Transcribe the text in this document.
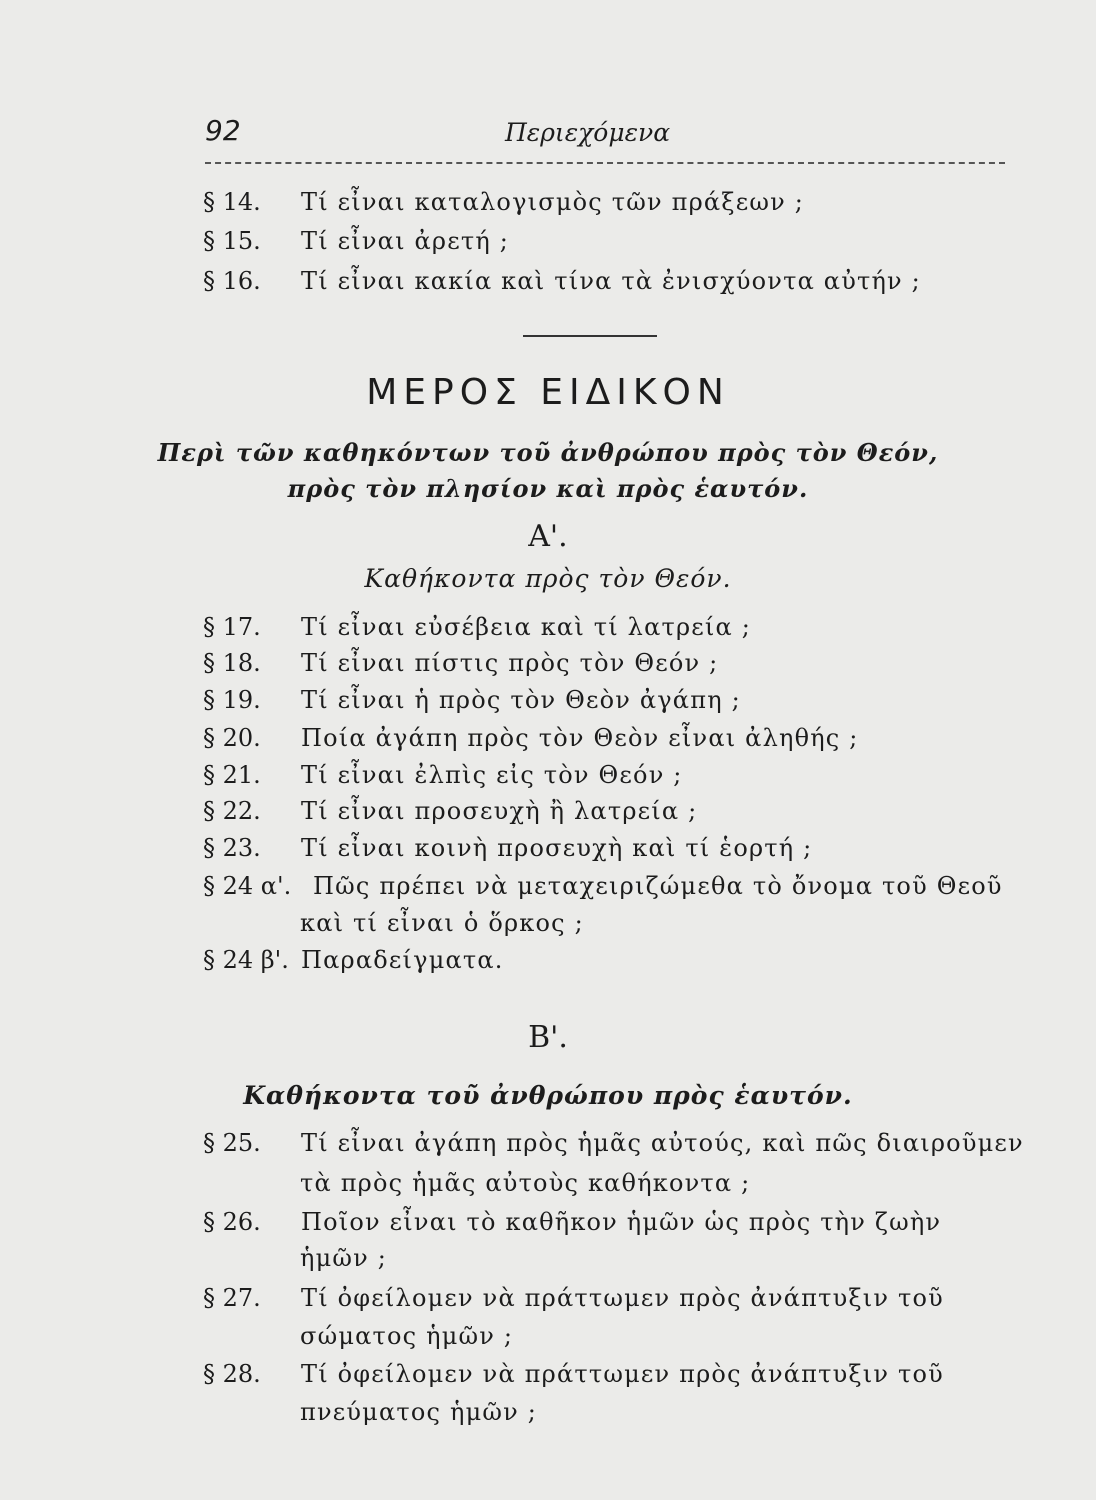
92	Περιεχόμενα
§ 14. Τί εἶναι καταλογισμὸς τῶν πράξεων ;
§ 15. Τί εἶναι ἀρετή ;
§ 16. Τί εἶναι κακία καὶ τίνα τὰ ἐνισχύοντα αὐτήν ;
ΜΕΡΟΣ ΕΙΔΙΚΟΝ
Περὶ τῶν καθηκόντων τοῦ ἀνθρώπου πρὸς τὸν Θεόν,
πρὸς τὸν πλησίον καὶ πρὸς ἑαυτόν.
Α'.
Καθήκοντα πρὸς τὸν Θεόν.
§ 17. Τί εἶναι εὐσέβεια καὶ τί λατρεία ;
§ 18. Τί εἶναι πίστις πρὸς τὸν Θεόν ;
§ 19. Τί εἶναι ἡ πρὸς τὸν Θεὸν ἀγάπη ;
§ 20. Ποία ἀγάπη πρὸς τὸν Θεὸν εἶναι ἀληθής ;
§ 21. Τί εἶναι ἐλπὶς εἰς τὸν Θεόν ;
§ 22. Τί εἶναι προσευχὴ ἢ λατρεία ;
§ 23. Τί εἶναι κοινὴ προσευχὴ καὶ τί ἑορτή ;
§ 24 α'. Πῶς πρέπει νὰ μεταχειριζώμεθα τὸ ὄνομα τοῦ Θεοῦ
καὶ τί εἶναι ὁ ὅρκος ;
§ 24 β'. Παραδείγματα.
Β'.
Καθήκοντα τοῦ ἀνθρώπου πρὸς ἑαυτόν.
§ 25. Τί εἶναι ἀγάπη πρὸς ἡμᾶς αὐτούς, καὶ πῶς διαιροῦμεν
τὰ πρὸς ἡμᾶς αὐτοὺς καθήκοντα ;
§ 26. Ποῖον εἶναι τὸ καθῆκον ἡμῶν ὡς πρὸς τὴν ζωὴν
ἡμῶν ;
§ 27. Τί ὀφείλομεν νὰ πράττωμεν πρὸς ἀνάπτυξιν τοῦ
σώματος ἡμῶν ;
§ 28. Τί ὀφείλομεν νὰ πράττωμεν πρὸς ἀνάπτυξιν τοῦ
πνεύματος ἡμῶν ;
